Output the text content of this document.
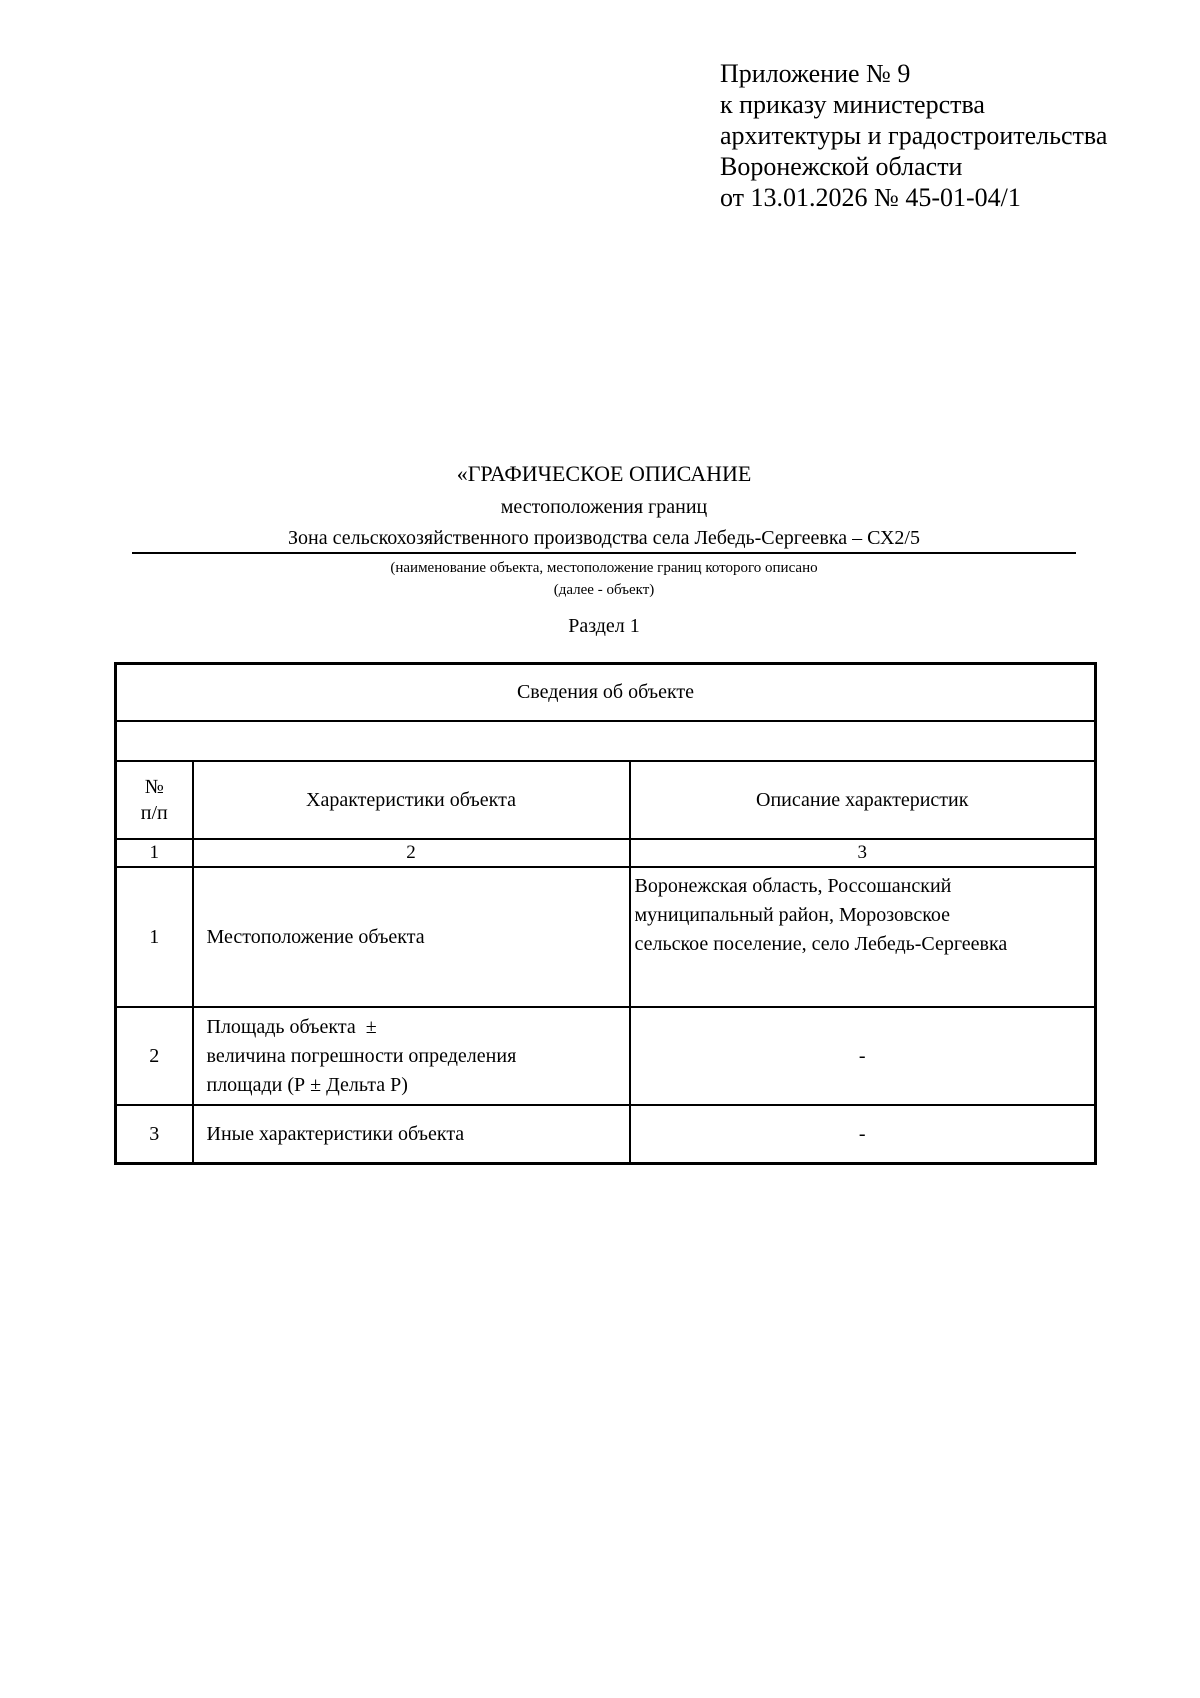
Приложение № 9
к приказу министерства
архитектуры и градостроительства
Воронежской области
от 13.01.2026 № 45-01-04/1
«ГРАФИЧЕСКОЕ ОПИСАНИЕ
местоположения границ
Зона сельскохозяйственного производства села Лебедь-Сергеевка – СХ2/5
(наименование объекта, местоположение границ которого описано
(далее - объект)
Раздел 1
Сведения об объекте		

№
п/п	Характеристики объекта	Описание характеристик
1	2	3
1	Местоположение объекта	Воронежская область, Россошанский
муниципальный район, Морозовское
сельское поселение, село Лебедь-Сергеевка

2	Площадь объекта  ±
величина погрешности определения
площади (Р ± Дельта Р)	-
3	Иные характеристики объекта	-
